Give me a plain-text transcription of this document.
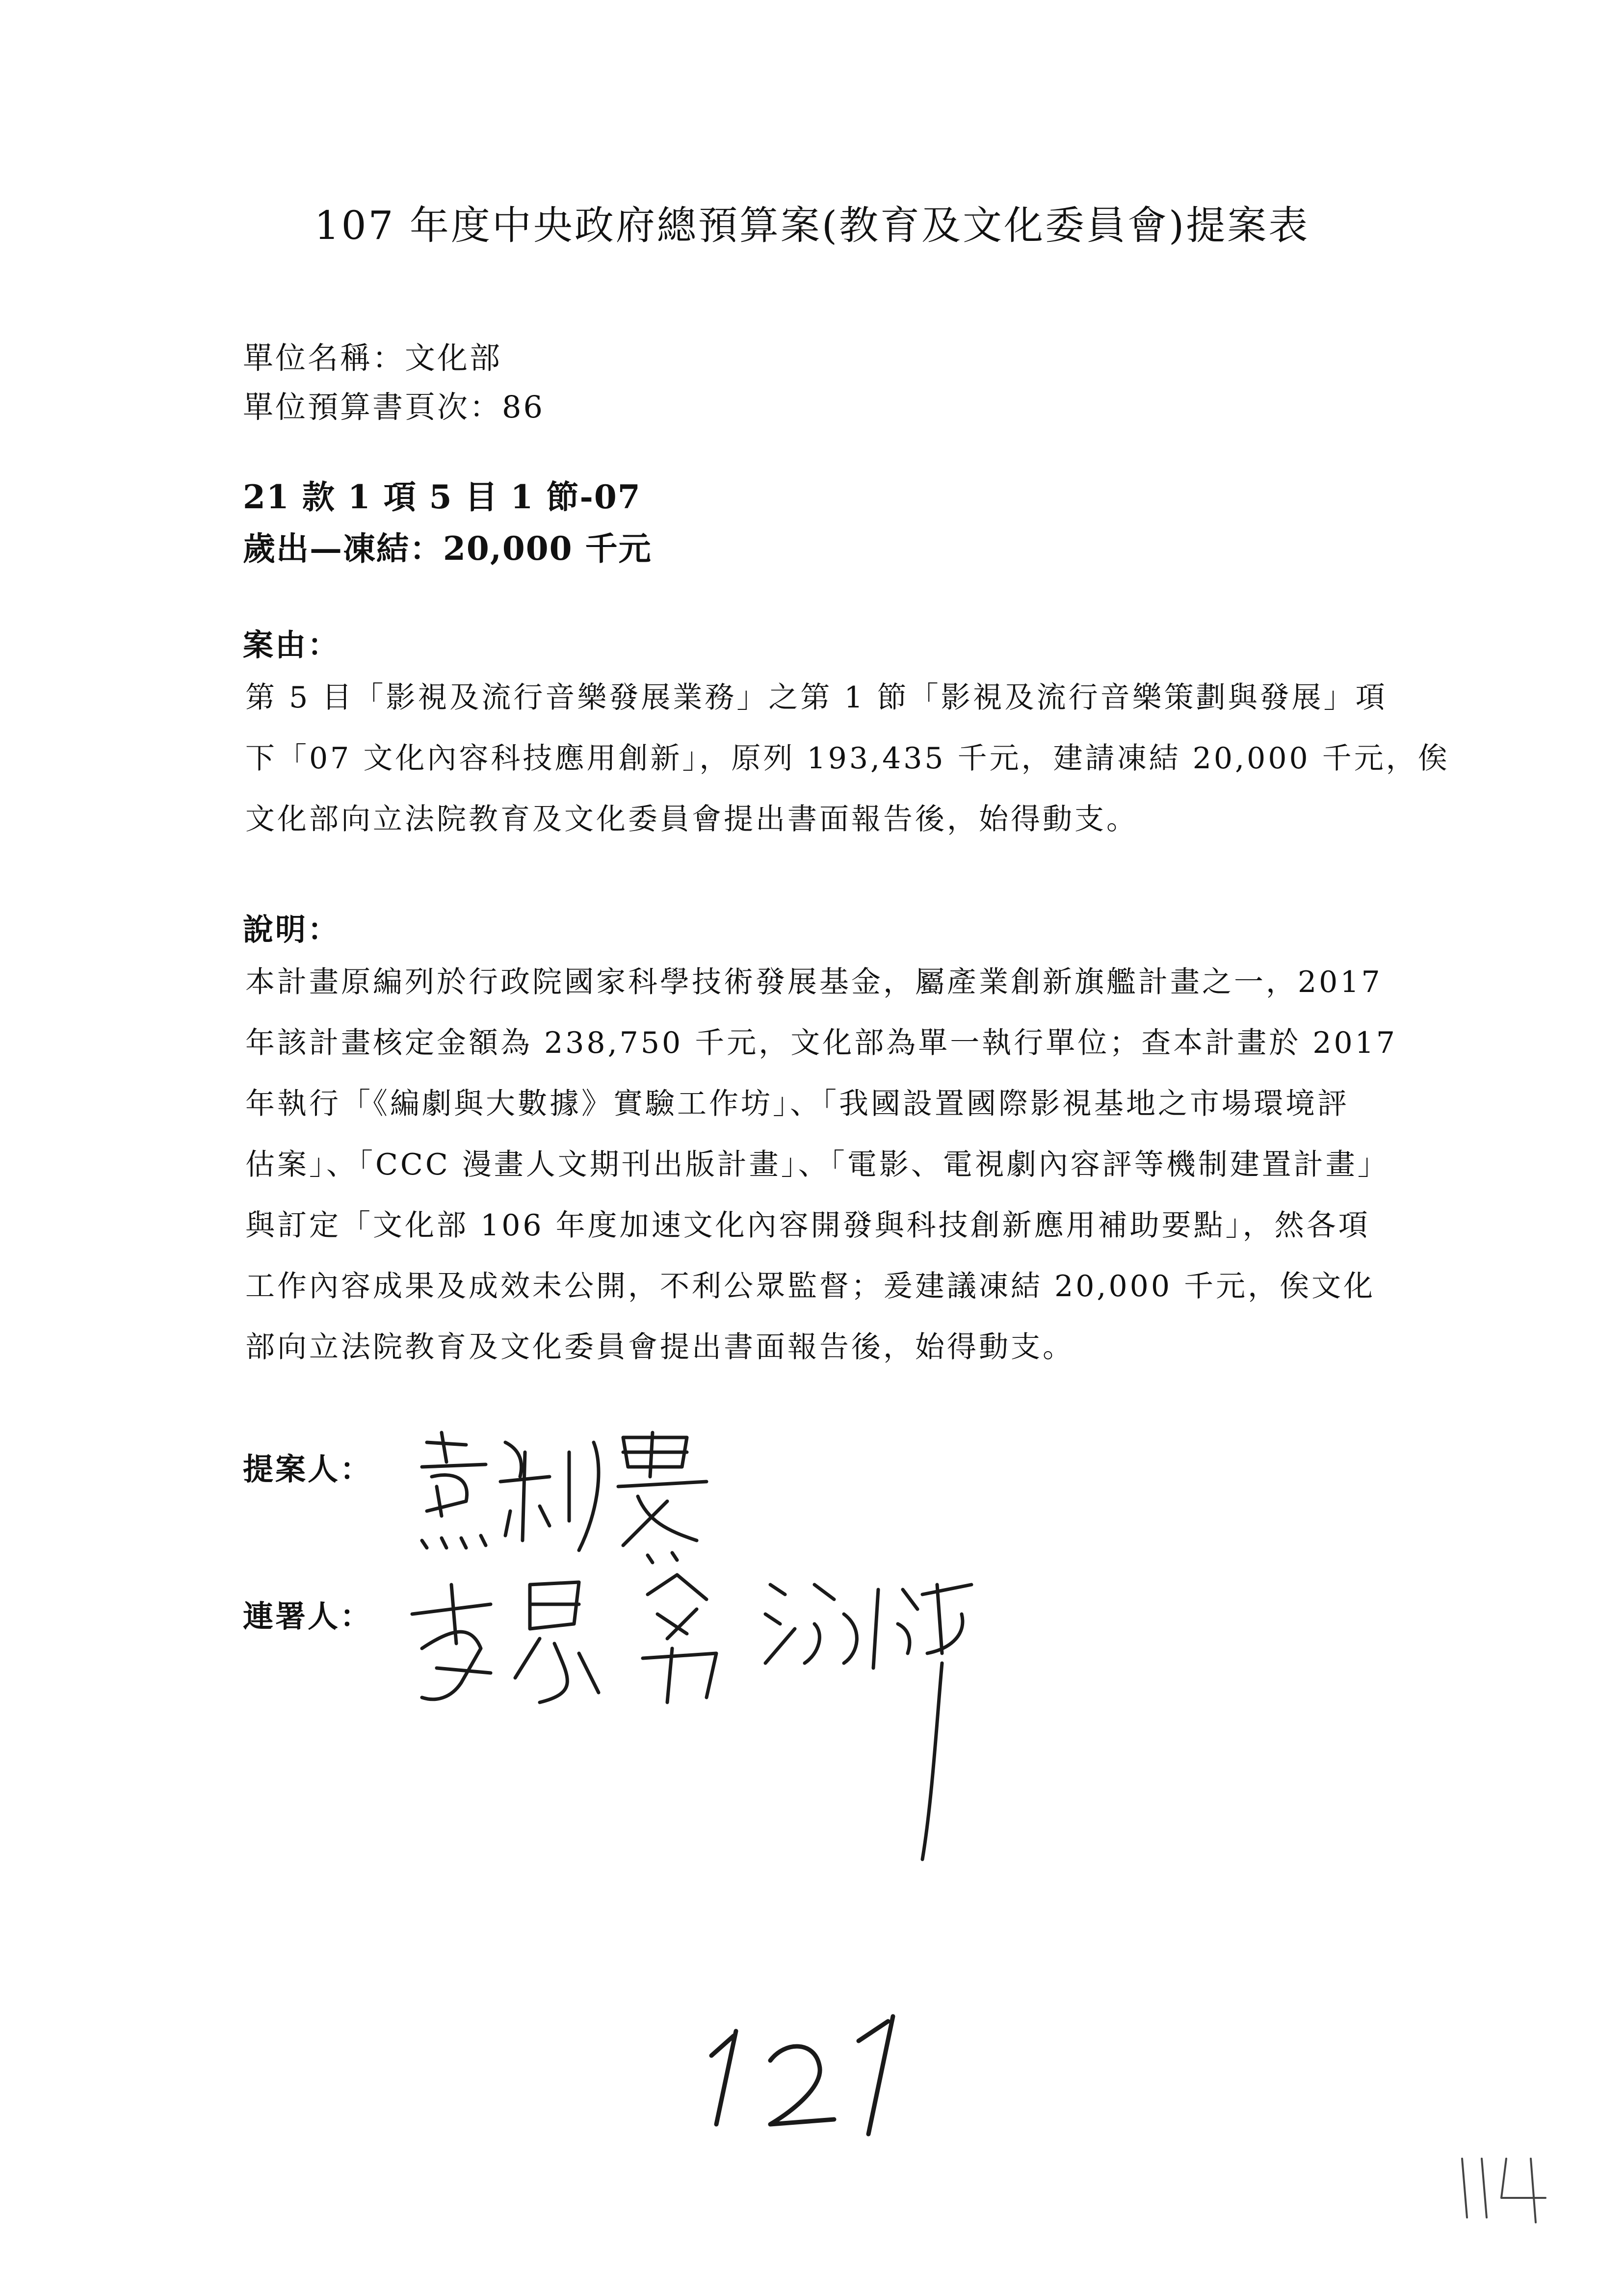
107 年度中央政府總預算案(教育及文化委員會)提案表
單位名稱：文化部
單位預算書頁次：86
21 款 1 項 5 目 1 節-07
歲出—凍結：20,000 千元
案由：
第 5 目「影視及流行音樂發展業務」之第 1 節「影視及流行音樂策劃與發展」項
下「07 文化內容科技應用創新」，原列 193,435 千元，建請凍結 20,000 千元，俟
文化部向立法院教育及文化委員會提出書面報告後，始得動支。
說明：
本計畫原編列於行政院國家科學技術發展基金，屬產業創新旗艦計畫之一，2017
年該計畫核定金額為 238,750 千元，文化部為單一執行單位；查本計畫於 2017
年執行「《編劇與大數據》實驗工作坊」、「我國設置國際影視基地之市場環境評
估案」、「CCC 漫畫人文期刊出版計畫」、「電影、電視劇內容評等機制建置計畫」
與訂定「文化部 106 年度加速文化內容開發與科技創新應用補助要點」，然各項
工作內容成果及成效未公開，不利公眾監督；爰建議凍結 20,000 千元，俟文化
部向立法院教育及文化委員會提出書面報告後，始得動支。
提案人：
連署人：
